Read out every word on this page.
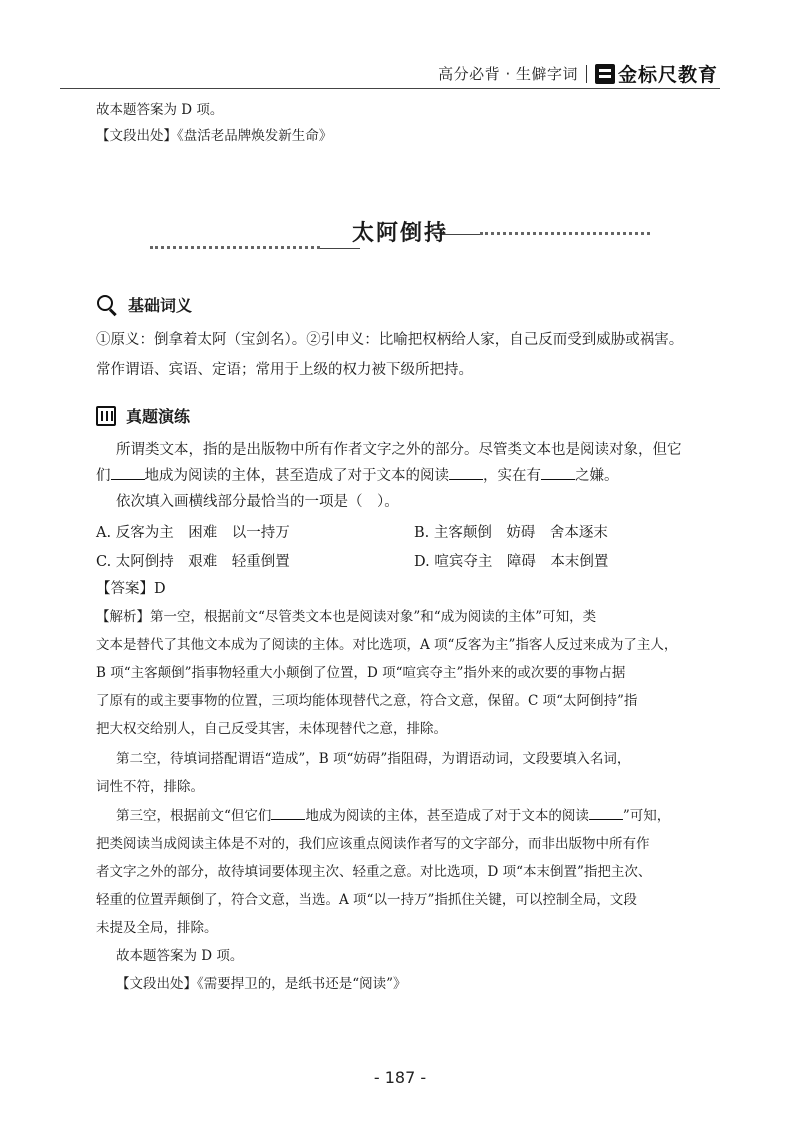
高分必背 · 生僻字词 金标尺教育
故本题答案为 D 项。
【文段出处】《盘活老品牌焕发新生命》
太阿倒持
基础词义
①原义：倒拿着太阿（宝剑名）。②引申义：比喻把权柄给人家，自己反而受到威胁或祸害。
常作谓语、宾语、定语；常用于上级的权力被下级所把持。
真题演练
所谓类文本，指的是出版物中所有作者文字之外的部分。尽管类文本也是阅读对象，但它
们 地成为阅读的主体，甚至造成了对于文本的阅读 ，实在有 之嫌。
依次填入画横线部分最恰当的一项是（　）。
A. 反客为主　困难　以一持万	B. 主客颠倒　妨碍　舍本逐末
C. 太阿倒持　艰难　轻重倒置	D. 喧宾夺主　障碍　本末倒置
【答案】D
【解析】第一空，根据前文“尽管类文本也是阅读对象”和“成为阅读的主体”可知，类
文本是替代了其他文本成为了阅读的主体。对比选项，A 项“反客为主”指客人反过来成为了主人，
B 项“主客颠倒”指事物轻重大小颠倒了位置，D 项“喧宾夺主”指外来的或次要的事物占据
了原有的或主要事物的位置，三项均能体现替代之意，符合文意，保留。C 项“太阿倒持”指
把大权交给别人，自己反受其害，未体现替代之意，排除。
第二空，待填词搭配谓语“造成”，B 项“妨碍”指阻碍，为谓语动词，文段要填入名词，
词性不符，排除。
第三空，根据前文“但它们	地成为阅读的主体，甚至造成了对于文本的阅读	”可知，
把类阅读当成阅读主体是不对的，我们应该重点阅读作者写的文字部分，而非出版物中所有作
者文字之外的部分，故待填词要体现主次、轻重之意。对比选项，D 项“本末倒置”指把主次、
轻重的位置弄颠倒了，符合文意，当选。A 项“以一持万”指抓住关键，可以控制全局，文段
未提及全局，排除。
故本题答案为 D 项。
【文段出处】《需要捍卫的，是纸书还是“阅读”》
- 187 -
